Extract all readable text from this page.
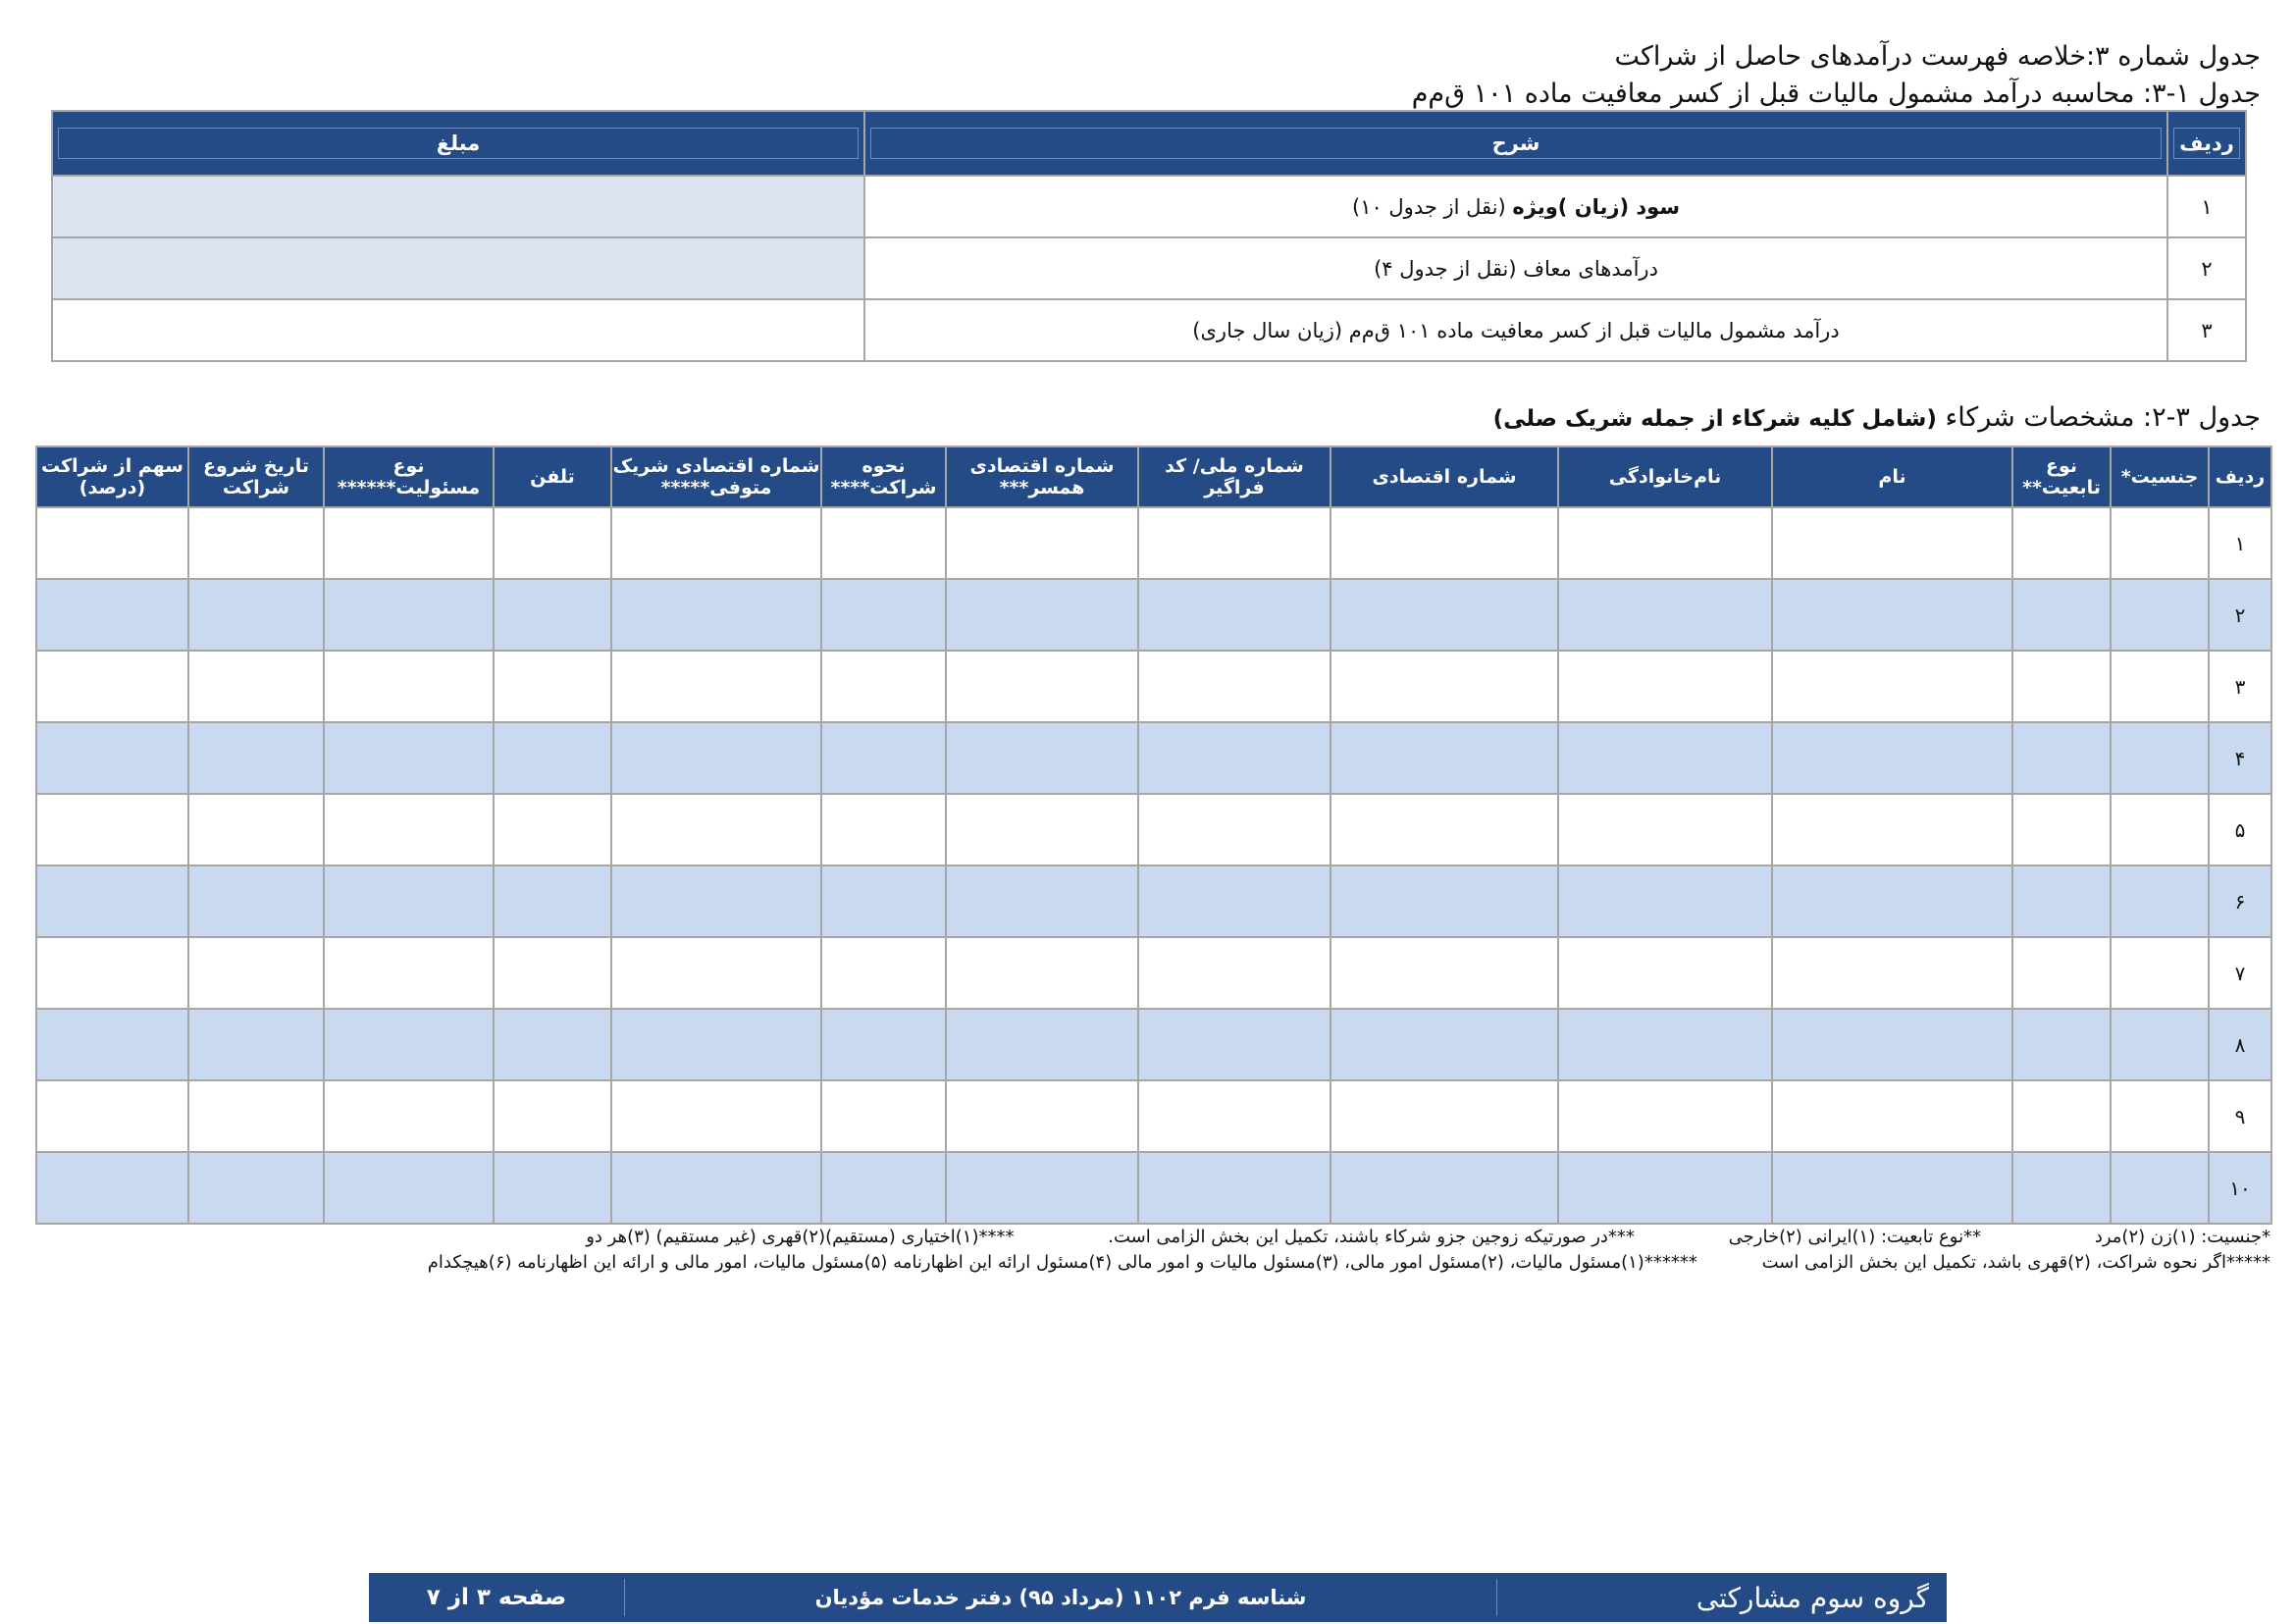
جدول شماره ۳:خلاصه فهرست درآمدهای حاصل از شراکت
جدول ۱-۳: محاسبه درآمد مشمول مالیات قبل از کسر معافیت ماده ۱۰۱ ق‌م‌م
ردیف	شرح	مبلغ

۱	سود (زیان )ویژه (نقل از جدول ۱۰)	
۲	درآمدهای معاف (نقل از جدول ۴)	
۳	درآمد مشمول مالیات قبل از کسر معافیت ماده ۱۰۱ ق‌م‌م (زیان سال جاری)	
جدول ۳-۲: مشخصات شرکاء (شامل کلیه شرکاء از جمله شریک صلی)
ردیف	جنسیت*	نوع تابعیت**	نام	نام‌خانوادگی	شماره اقتصادی	شماره ملی/ کد فراگیر	شماره اقتصادی همسر***	نحوه شراکت****	شماره اقتصادی شریک متوفی*****	تلفن	نوع مسئولیت******	تاریخ شروع شراکت	سهم از شراکت (درصد)
۱													
۲													
۳													
۴													
۵													
۶													
۷													
۸													
۹													
۱۰													
*جنسیت: (۱)زن (۲)مرد **نوع تابعیت: (۱)ایرانی (۲)خارجی ***در صورتیکه زوجین جزو شرکاء باشند، تکمیل این بخش الزامی است. ****(۱)اختیاری (مستقیم)(۲)قهری (غیر مستقیم) (۳)هر دو
*****اگر نحوه شراکت، (۲)قهری باشد، تکمیل این بخش الزامی است ******(۱)مسئول مالیات، (۲)مسئول امور مالی، (۳)مسئول مالیات و امور مالی (۴)مسئول ارائه این اظهارنامه (۵)مسئول مالیات، امور مالی و ارائه این اظهارنامه (۶)هیچکدام
گروه سوم مشارکتی
شناسه فرم ۱۱۰۲ (مرداد ۹۵) دفتر خدمات مؤدیان
صفحه ۳ از ۷
